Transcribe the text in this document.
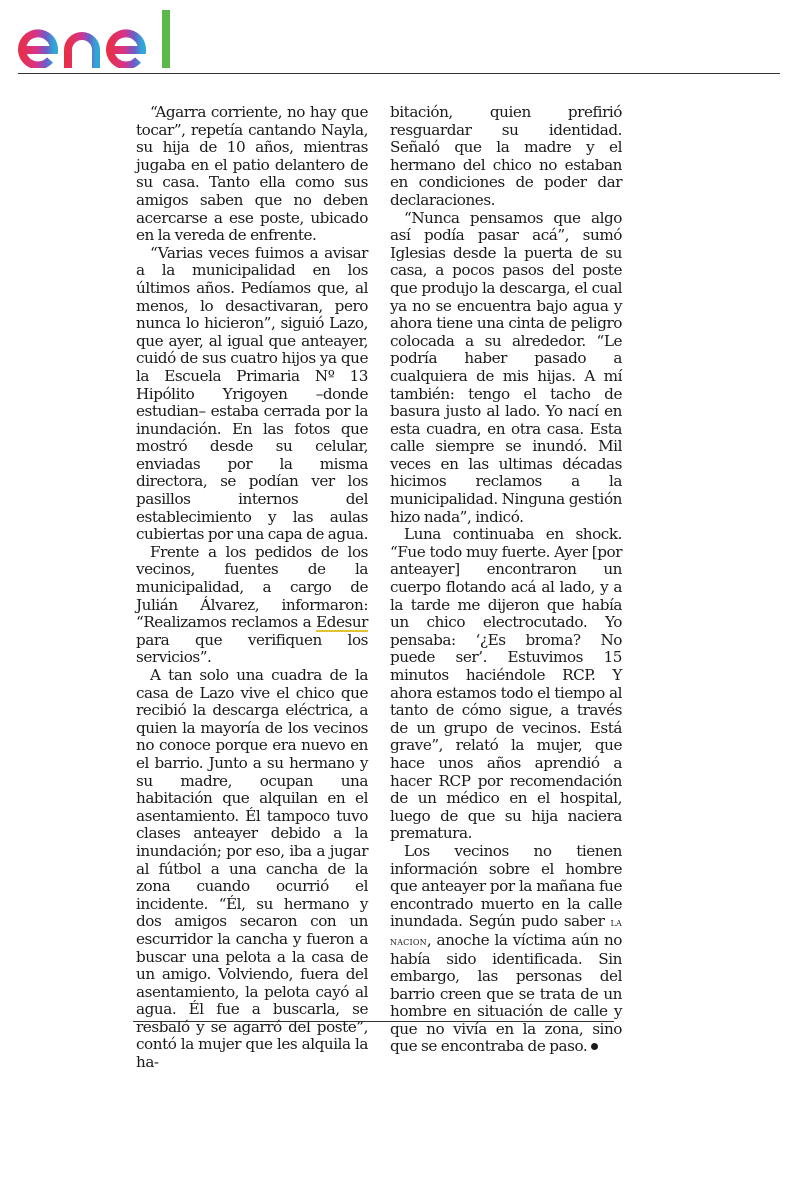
“Agarra corriente, no hay que tocar”, repetía cantando Nayla, su hija de 10 años, mientras jugaba en el patio delantero de su casa. Tanto ella como sus amigos saben que no deben acercarse a ese poste, ubicado en la vereda de enfrente.

“Varias veces fuimos a avisar a la municipalidad en los últimos años. Pedíamos que, al menos, lo desactivaran, pero nunca lo hicieron”, siguió Lazo, que ayer, al igual que anteayer, cuidó de sus cuatro hijos ya que la Escuela Primaria Nº 13 Hipólito Yrigoyen –donde estudian– estaba cerrada por la inundación. En las fotos que mostró desde su celular, enviadas por la misma directora, se podían ver los pasillos internos del establecimiento y las aulas cubiertas por una capa de agua.

Frente a los pedidos de los vecinos, fuentes de la municipalidad, a cargo de Julián Álvarez, informaron: “Realizamos reclamos a Edesur para que verifiquen los servicios”.

A tan solo una cuadra de la casa de Lazo vive el chico que recibió la descarga eléctrica, a quien la mayoría de los vecinos no conoce porque era nuevo en el barrio. Junto a su hermano y su madre, ocupan una habitación que alquilan en el asentamiento. Él tampoco tuvo clases anteayer debido a la inundación; por eso, iba a jugar al fútbol a una cancha de la zona cuando ocurrió el incidente. “Él, su hermano y dos amigos secaron con un escurridor la cancha y fueron a buscar una pelota a la casa de un amigo. Volviendo, fuera del asentamiento, la pelota cayó al agua. Él fue a buscarla, se resbaló y se agarró del poste”, contó la mujer que les alquila la ha-

bitación, quien prefirió resguardar su identidad. Señaló que la madre y el hermano del chico no estaban en condiciones de poder dar declaraciones.

“Nunca pensamos que algo así podía pasar acá”, sumó Iglesias desde la puerta de su casa, a pocos pasos del poste que produjo la descarga, el cual ya no se encuentra bajo agua y ahora tiene una cinta de peligro colocada a su alrededor. “Le podría haber pasado a cualquiera de mis hijas. A mí también: tengo el tacho de basura justo al lado. Yo nací en esta cuadra, en otra casa. Esta calle siempre se inundó. Mil veces en las ultimas décadas hicimos reclamos a la municipalidad. Ninguna gestión hizo nada”, indicó.

Luna continuaba en shock. “Fue todo muy fuerte. Ayer [por anteayer] encontraron un cuerpo flotando acá al lado, y a la tarde me dijeron que había un chico electrocutado. Yo pensaba: ‘¿Es broma? No puede ser’. Estuvimos 15 minutos haciéndole RCP. Y ahora estamos todo el tiempo al tanto de cómo sigue, a través de un grupo de vecinos. Está grave”, relató la mujer, que hace unos años aprendió a hacer RCP por recomendación de un médico en el hospital, luego de que su hija naciera prematura.

Los vecinos no tienen información sobre el hombre que anteayer por la mañana fue encontrado muerto en la calle inundada. Según pudo saber la nacion, anoche la víctima aún no había sido identificada. Sin embargo, las personas del barrio creen que se trata de un hombre en situación de calle y que no vivía en la zona, sino que se encontraba de paso.
